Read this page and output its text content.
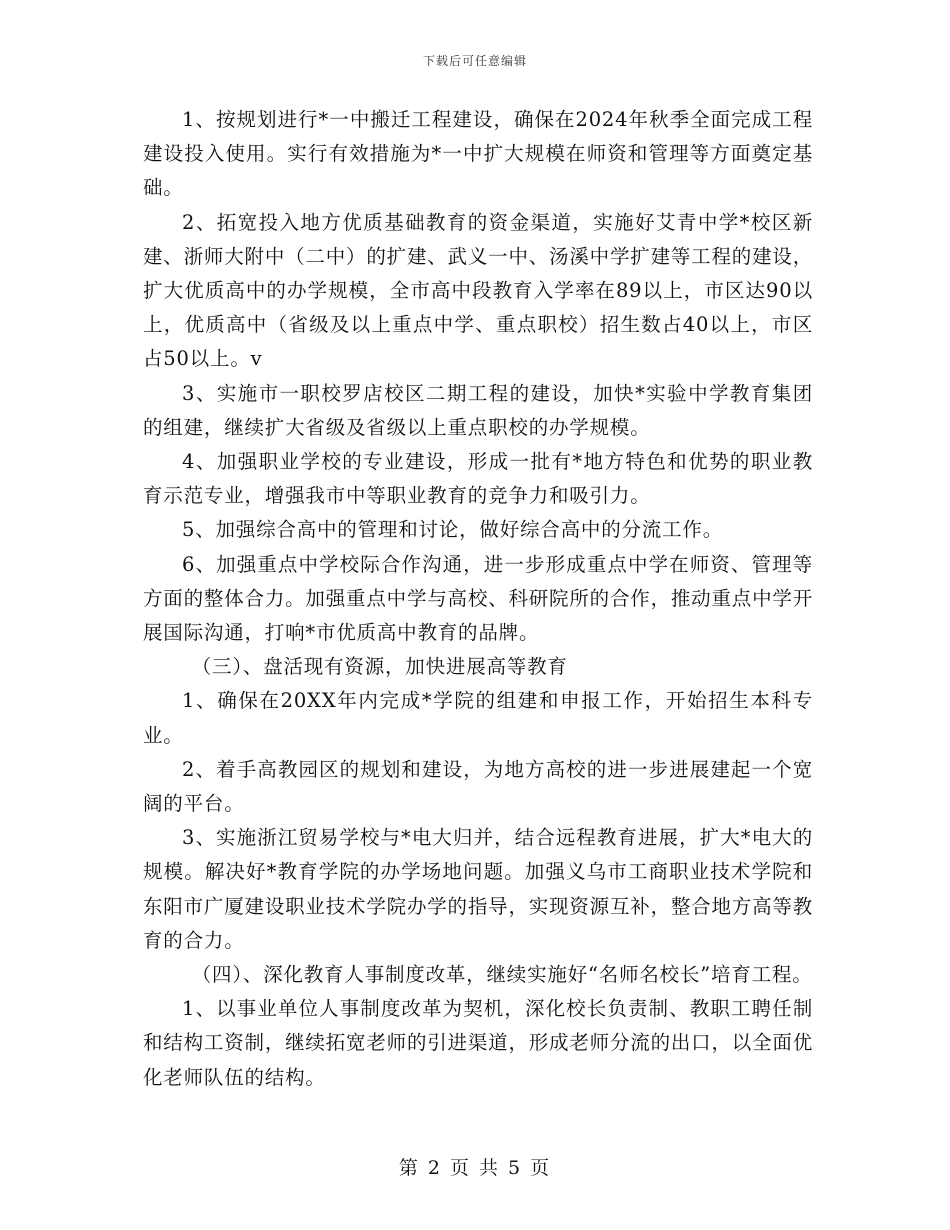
下载后可任意编辑

1、按规划进行*一中搬迁工程建设，确保在2024年秋季全面完成工程建设投入使用。实行有效措施为*一中扩大规模在师资和管理等方面奠定基础。

2、拓宽投入地方优质基础教育的资金渠道，实施好艾青中学*校区新建、浙师大附中（二中）的扩建、武义一中、汤溪中学扩建等工程的建设，扩大优质高中的办学规模，全市高中段教育入学率在89以上，市区达90以上，优质高中（省级及以上重点中学、重点职校）招生数占40以上，市区占50以上。v

3、实施市一职校罗店校区二期工程的建设，加快*实验中学教育集团的组建，继续扩大省级及省级以上重点职校的办学规模。

4、加强职业学校的专业建设，形成一批有*地方特色和优势的职业教育示范专业，增强我市中等职业教育的竞争力和吸引力。

5、加强综合高中的管理和讨论，做好综合高中的分流工作。

6、加强重点中学校际合作沟通，进一步形成重点中学在师资、管理等方面的整体合力。加强重点中学与高校、科研院所的合作，推动重点中学开展国际沟通，打响*市优质高中教育的品牌。

（三）、盘活现有资源，加快进展高等教育

1、确保在20XX年内完成*学院的组建和申报工作，开始招生本科专业。

2、着手高教园区的规划和建设，为地方高校的进一步进展建起一个宽阔的平台。

3、实施浙江贸易学校与*电大归并，结合远程教育进展，扩大*电大的规模。解决好*教育学院的办学场地问题。加强义乌市工商职业技术学院和东阳市广厦建设职业技术学院办学的指导，实现资源互补，整合地方高等教育的合力。

（四）、深化教育人事制度改革，继续实施好“名师名校长”培育工程。

1、以事业单位人事制度改革为契机，深化校长负责制、教职工聘任制和结构工资制，继续拓宽老师的引进渠道，形成老师分流的出口，以全面优化老师队伍的结构。

第 2 页 共 5 页
